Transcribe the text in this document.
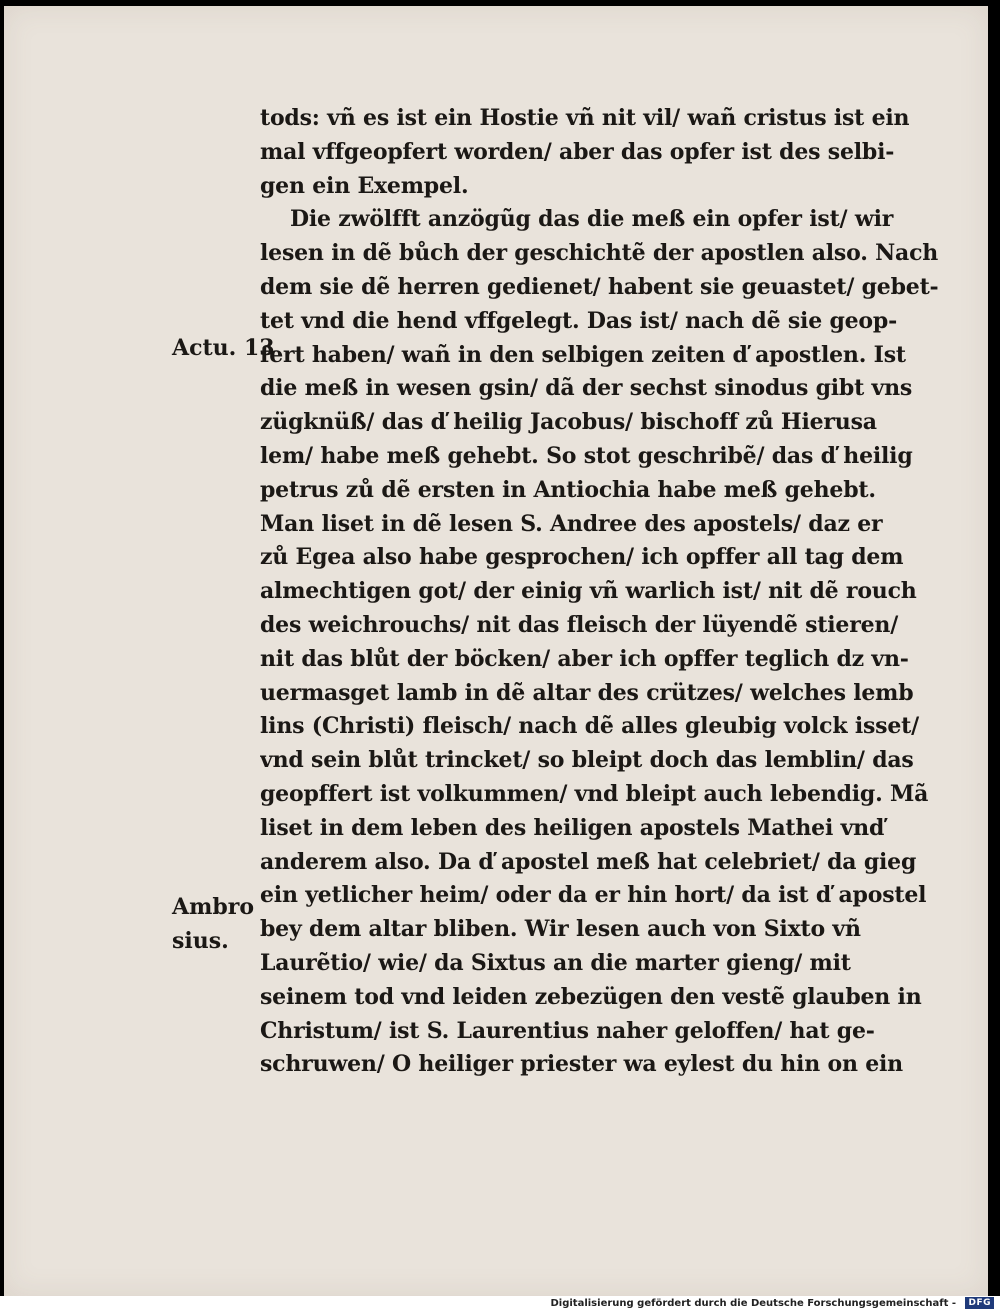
tods: vñ es ist ein Hostie vñ nit vil/ wañ cristus ist ein
mal vffgeopfert worden/ aber das opfer ist des selbi-
gen ein Exempel.
Die zwölfft anzögũg das die meß ein opfer ist/ wir
lesen in dẽ bůch der geschichtẽ der apostlen also. Nach
dem sie dẽ herren gedienet/ habent sie geuastet/ gebet-
tet vnd die hend vffgelegt. Das ist/ nach dẽ sie geop-
fert haben/ wañ in den selbigen zeiten ď apostlen. Ist
die meß in wesen gsin/ dã der sechst sinodus gibt vns
zügknüß/ das ď heilig Jacobus/ bischoff zů Hierusa
lem/ habe meß gehebt. So stot geschribẽ/ das ď heilig
petrus zů dẽ ersten in Antiochia habe meß gehebt.
Man liset in dẽ lesen S. Andree des apostels/ daz er
zů Egea also habe gesprochen/ ich opffer all tag dem
almechtigen got/ der einig vñ warlich ist/ nit dẽ rouch
des weichrouchs/ nit das fleisch der lüyendẽ stieren/
nit das blůt der böcken/ aber ich opffer teglich dz vn-
uermasget lamb in dẽ altar des crützes/ welches lemb
lins (Christi) fleisch/ nach dẽ alles gleubig volck isset/
vnd sein blůt trincket/ so bleipt doch das lemblin/ das
geopffert ist volkummen/ vnd bleipt auch lebendig. Mã
liset in dem leben des heiligen apostels Mathei vnď
anderem also. Da ď apostel meß hat celebriet/ da gieg
ein yetlicher heim/ oder da er hin hort/ da ist ď apostel
bey dem altar bliben. Wir lesen auch von Sixto vñ
Laurẽtio/ wie/ da Sixtus an die marter gieng/ mit
seinem tod vnd leiden zebezügen den vestẽ glauben in
Christum/ ist S. Laurentius naher geloffen/ hat ge-
schruwen/ O heiliger priester wa eylest du hin on ein
Actu. 13
Ambro
sius.
Digitalisierung gefördert durch die Deutsche Forschungsgemeinschaft -	DFG
